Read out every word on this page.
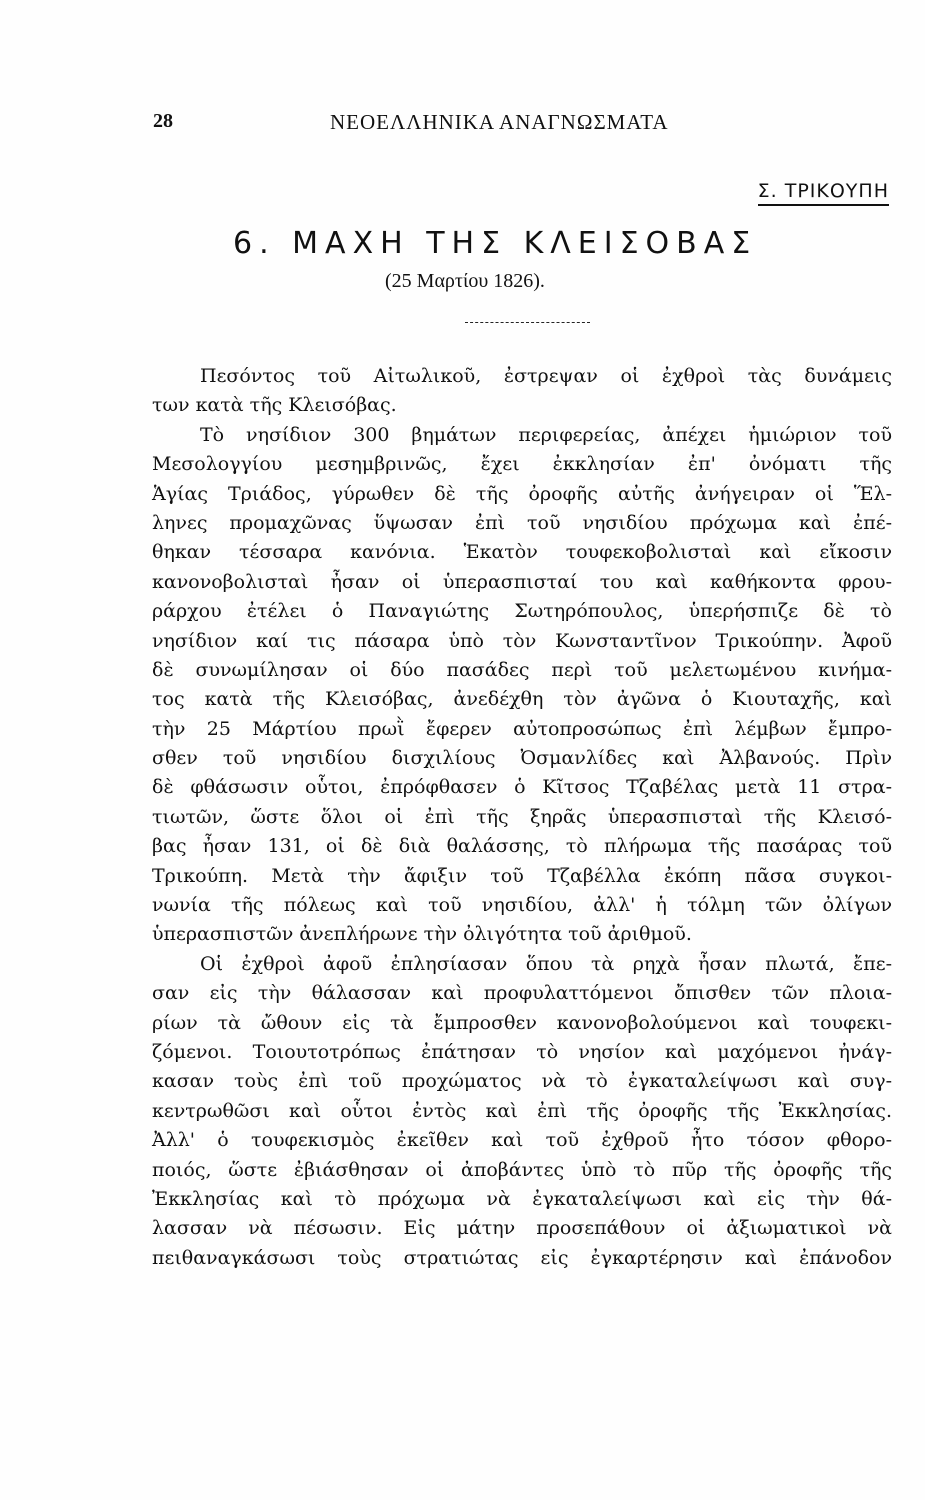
28	ΝΕΟΕΛΛΗΝΙΚΑ ΑΝΑΓΝΩΣΜΑΤΑ
Σ. ΤΡΙΚΟΥΠΗ
6. ΜΑΧΗ ΤΗΣ ΚΛΕΙΣΟΒΑΣ
(25 Μαρτίου 1826).
Πεσόντος τοῦ Αἰτωλικοῦ, ἐστρεψαν οἱ ἐχθροὶ τὰς δυνάμεις
των κατὰ τῆς Κλεισόβας.
Τὸ νησίδιον 300 βημάτων περιφερείας, ἀπέχει ἡμιώριον τοῦ
Μεσολογγίου μεσημβρινῶς, ἔχει ἐκκλησίαν ἐπ' ὀνόματι τῆς
Ἁγίας Τριάδος, γύρωθεν δὲ τῆς ὀροφῆς αὐτῆς ἀνήγειραν οἱ Ἕλ-
ληνες προμαχῶνας ὕψωσαν ἐπὶ τοῦ νησιδίου πρόχωμα καὶ ἐπέ-
θηκαν τέσσαρα κανόνια. Ἑκατὸν τουφεκοβολισταὶ καὶ εἴκοσιν
κανονοβολισταὶ ἦσαν οἱ ὑπερασπισταί του καὶ καθήκοντα φρου-
ράρχου ἐτέλει ὁ Παναγιώτης Σωτηρόπουλος, ὑπερήσπιζε δὲ τὸ
νησίδιον καί τις πάσαρα ὑπὸ τὸν Κωνσταντῖνον Τρικούπην. Ἀφοῦ
δὲ συνωμίλησαν οἱ δύο πασάδες περὶ τοῦ μελετωμένου κινήμα-
τος κατὰ τῆς Κλεισόβας, ἀνεδέχθη τὸν ἀγῶνα ὁ Κιουταχῆς, καὶ
τὴν 25 Μάρτίου πρωῒ ἔφερεν αὐτοπροσώπως ἐπὶ λέμβων ἔμπρο-
σθεν τοῦ νησιδίου δισχιλίους Ὀσμανλίδες καὶ Ἀλβανούς. Πρὶν
δὲ φθάσωσιν οὗτοι, ἐπρόφθασεν ὁ Κῖτσος Τζαβέλας μετὰ 11 στρα-
τιωτῶν, ὥστε ὅλοι οἱ ἐπὶ τῆς ξηρᾶς ὑπερασπισταὶ τῆς Κλεισό-
βας ἦσαν 131, οἱ δὲ διὰ θαλάσσης, τὸ πλήρωμα τῆς πασάρας τοῦ
Τρικούπη. Μετὰ τὴν ἄφιξιν τοῦ Τζαβέλλα ἐκόπη πᾶσα συγκοι-
νωνία τῆς πόλεως καὶ τοῦ νησιδίου, ἀλλ' ἡ τόλμη τῶν ὀλίγων
ὑπερασπιστῶν ἀνεπλήρωνε τὴν ὀλιγότητα τοῦ ἀριθμοῦ.
Οἱ ἐχθροὶ ἀφοῦ ἐπλησίασαν ὅπου τὰ ρηχὰ ἦσαν πλωτά, ἔπε-
σαν εἰς τὴν θάλασσαν καὶ προφυλαττόμενοι ὄπισθεν τῶν πλοια-
ρίων τὰ ὤθουν εἰς τὰ ἔμπροσθεν κανονοβολούμενοι καὶ τουφεκι-
ζόμενοι. Τοιουτοτρόπως ἐπάτησαν τὸ νησίον καὶ μαχόμενοι ἠνάγ-
κασαν τοὺς ἐπὶ τοῦ προχώματος νὰ τὸ ἐγκαταλείψωσι καὶ συγ-
κεντρωθῶσι καὶ οὗτοι ἐντὸς καὶ ἐπὶ τῆς ὀροφῆς τῆς Ἐκκλησίας.
Ἀλλ' ὁ τουφεκισμὸς ἐκεῖθεν καὶ τοῦ ἐχθροῦ ἦτο τόσον φθορο-
ποιός, ὥστε ἐβιάσθησαν οἱ ἀποβάντες ὑπὸ τὸ πῦρ τῆς ὀροφῆς τῆς
Ἐκκλησίας καὶ τὸ πρόχωμα νὰ ἐγκαταλείψωσι καὶ εἰς τὴν θά-
λασσαν νὰ πέσωσιν. Εἰς μάτην προσεπάθουν οἱ ἀξιωματικοὶ νὰ
πειθαναγκάσωσι τοὺς στρατιώτας εἰς ἐγκαρτέρησιν καὶ ἐπάνοδον
